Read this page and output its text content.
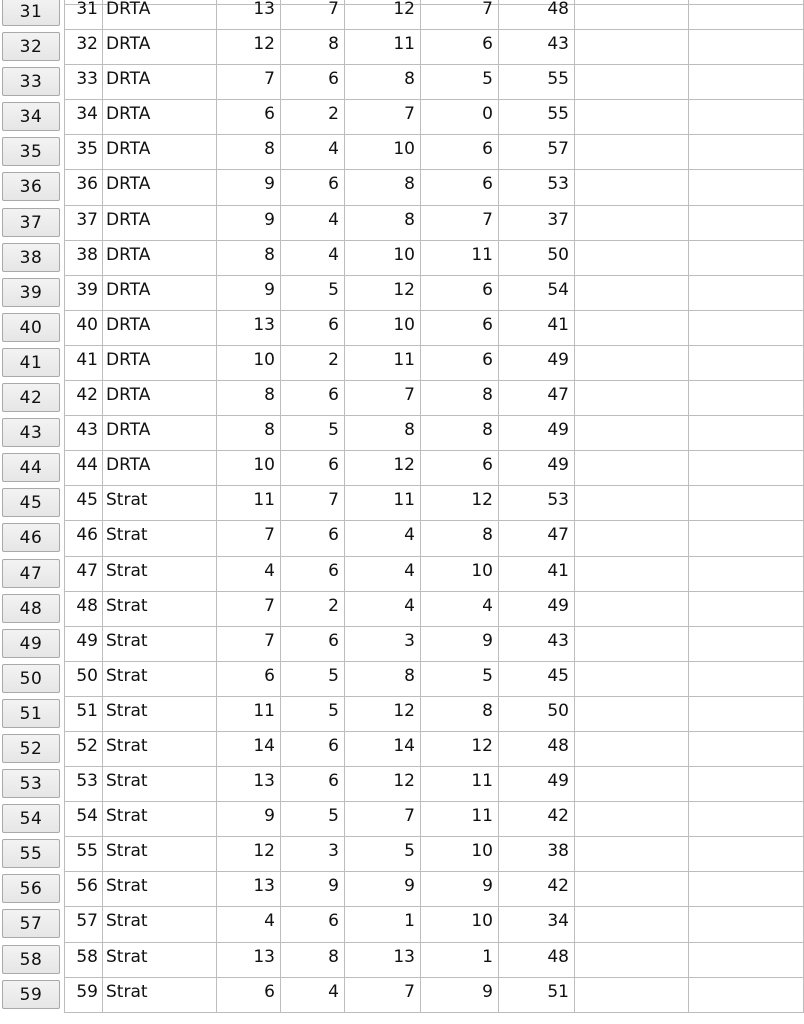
31	31 DRTA	13	7	12	7	48
32	32 DRTA	12	8	11	6	43
33	33 DRTA	7	6	8	5	55
34	34 DRTA	6	2	7	0	55
35	35 DRTA	8	4	10	6	57
36	36 DRTA	9	6	8	6	53
37	37 DRTA	9	4	8	7	37
38	38 DRTA	8	4	10	11	50
39	39 DRTA	9	5	12	6	54
40	40 DRTA	13	6	10	6	41
41	41 DRTA	10	2	11	6	49
42	42 DRTA	8	6	7	8	47
43	43 DRTA	8	5	8	8	49
44	44 DRTA	10	6	12	6	49
45	45 Strat	11	7	11	12	53
46	46 Strat	7	6	4	8	47
47	47 Strat	4	6	4	10	41
48	48 Strat	7	2	4	4	49
49	49 Strat	7	6	3	9	43
50	50 Strat	6	5	8	5	45
51	51 Strat	11	5	12	8	50
52	52 Strat	14	6	14	12	48
53	53 Strat	13	6	12	11	49
54	54 Strat	9	5	7	11	42
55	55 Strat	12	3	5	10	38
56	56 Strat	13	9	9	9	42
57	57 Strat	4	6	1	10	34
58	58 Strat	13	8	13	1	48
59	59 Strat	6	4	7	9	51
